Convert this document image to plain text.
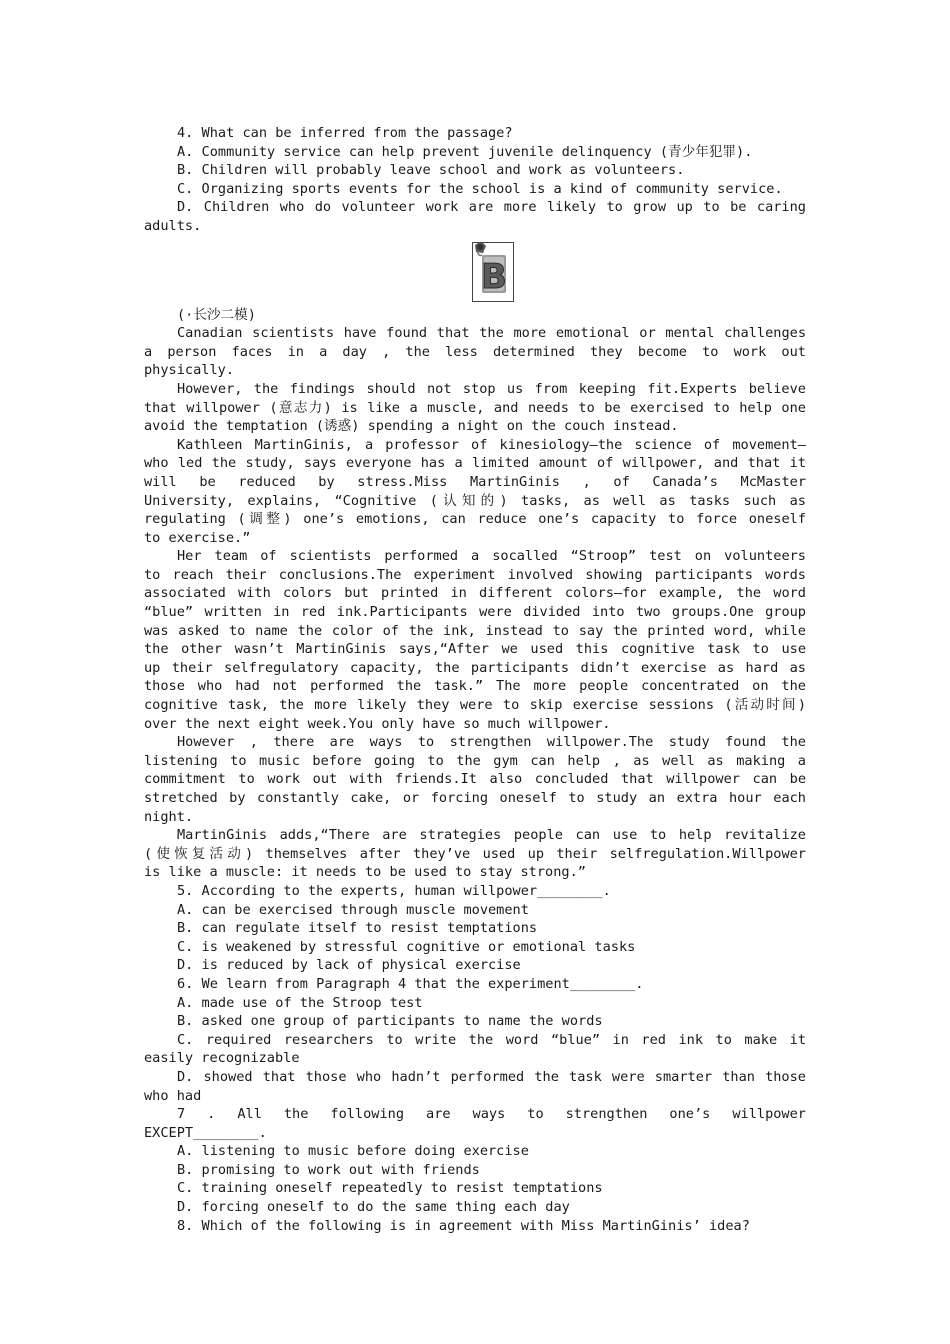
4. What can be inferred from the passage?
A. Community service can help prevent juvenile delinquency (青少年犯罪).
B. Children will probably leave school and work as volunteers.
C. Organizing sports events for the school is a kind of community service.
D. Children who do volunteer work are more likely to grow up to be caring
adults.
B
(·长沙二模)
Canadian scientists have found that the more emotional or mental challenges
a person faces in a day , the less determined they become to work out
physically.
However, the findings should not stop us from keeping fit.Experts believe
that willpower (意志力) is like a muscle, and needs to be exercised to help one
avoid the temptation (诱惑) spending a night on the couch instead.
Kathleen MartinGinis, a professor of kinesiology—the science of movement—
who led the study, says everyone has a limited amount of willpower, and that it
will be reduced by stress.Miss MartinGinis , of Canada’s McMaster
University, explains, “Cognitive (认知的) tasks, as well as tasks such as
regulating (调整) one’s emotions, can reduce one’s capacity to force oneself
to exercise.”
Her team of scientists performed a socalled “Stroop” test on volunteers
to reach their conclusions.The experiment involved showing participants words
associated with colors but printed in different colors—for example, the word
“blue” written in red ink.Participants were divided into two groups.One group
was asked to name the color of the ink, instead to say the printed word, while
the other wasn’t MartinGinis says,“After we used this cognitive task to use
up their selfregulatory capacity, the participants didn’t exercise as hard as
those who had not performed the task.” The more people concentrated on the
cognitive task, the more likely they were to skip exercise sessions (活动时间)
over the next eight week.You only have so much willpower.
However , there are ways to strengthen willpower.The study found the
listening to music before going to the gym can help , as well as making a
commitment to work out with friends.It also concluded that willpower can be
stretched by constantly cake, or forcing oneself to study an extra hour each
night.
MartinGinis adds,“There are strategies people can use to help revitalize
(使恢复活动) themselves after they’ve used up their selfregulation.Willpower
is like a muscle: it needs to be used to stay strong.”
5. According to the experts, human willpower________.
A. can be exercised through muscle movement
B. can regulate itself to resist temptations
C. is weakened by stressful cognitive or emotional tasks
D. is reduced by lack of physical exercise
6. We learn from Paragraph 4 that the experiment________.
A. made use of the Stroop test
B. asked one group of participants to name the words
C. required researchers to write the word “blue” in red ink to make it
easily recognizable
D. showed that those who hadn’t performed the task were smarter than those
who had
7 . All the following are ways to strengthen one’s willpower
EXCEPT________.
A. listening to music before doing exercise
B. promising to work out with friends
C. training oneself repeatedly to resist temptations
D. forcing oneself to do the same thing each day
8. Which of the following is in agreement with Miss MartinGinis’ idea?
